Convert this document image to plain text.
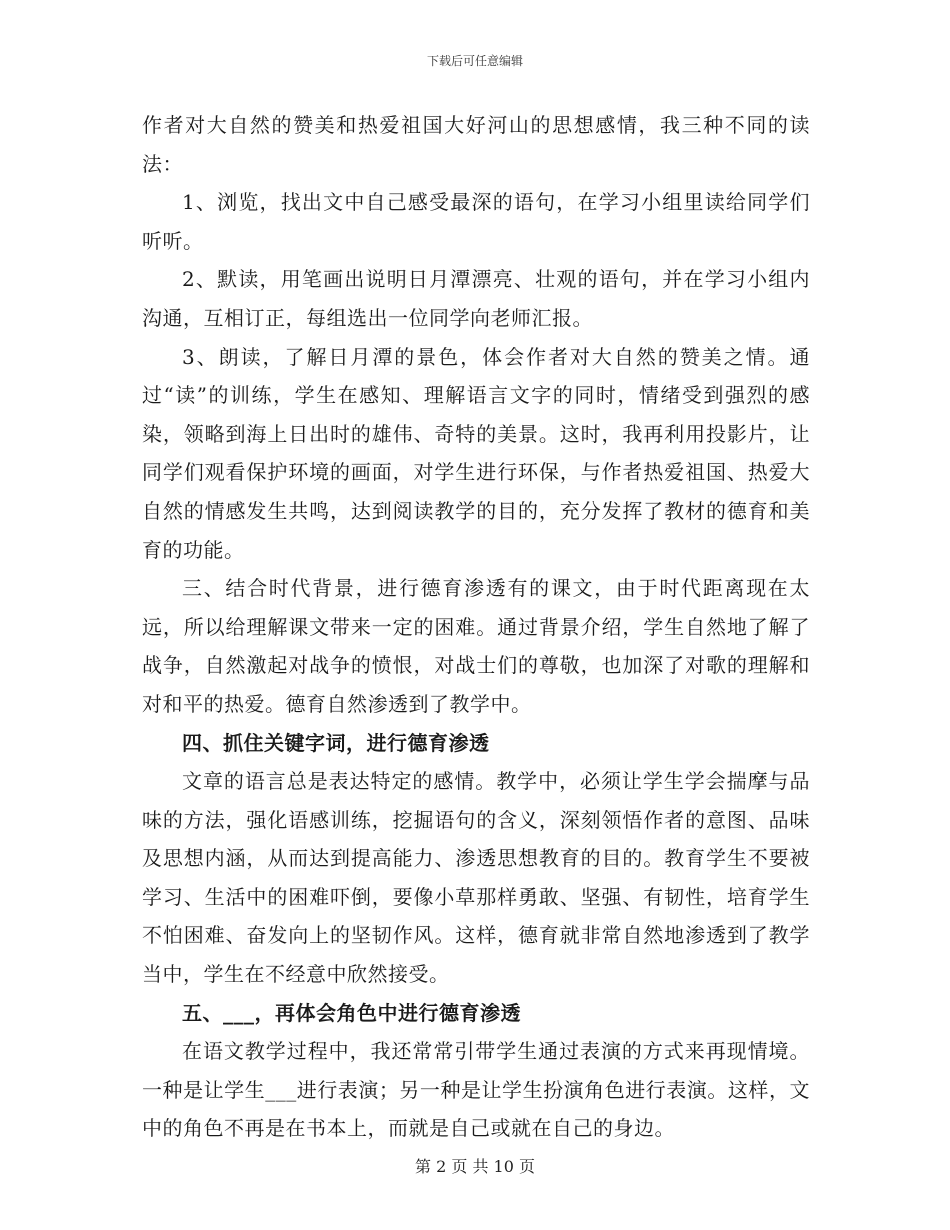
下载后可任意编辑

作者对大自然的赞美和热爱祖国大好河山的思想感情，我三种不同的读法：

1、浏览，找出文中自己感受最深的语句，在学习小组里读给同学们听听。

2、默读，用笔画出说明日月潭漂亮、壮观的语句，并在学习小组内沟通，互相订正，每组选出一位同学向老师汇报。

3、朗读，了解日月潭的景色，体会作者对大自然的赞美之情。通过“读”的训练，学生在感知、理解语言文字的同时，情绪受到强烈的感染，领略到海上日出时的雄伟、奇特的美景。这时，我再利用投影片，让同学们观看保护环境的画面，对学生进行环保，与作者热爱祖国、热爱大自然的情感发生共鸣，达到阅读教学的目的，充分发挥了教材的德育和美育的功能。

三、结合时代背景，进行德育渗透有的课文，由于时代距离现在太远，所以给理解课文带来一定的困难。通过背景介绍，学生自然地了解了战争，自然激起对战争的愤恨，对战士们的尊敬，也加深了对歌的理解和对和平的热爱。德育自然渗透到了教学中。

四、抓住关键字词，进行德育渗透

文章的语言总是表达特定的感情。教学中，必须让学生学会揣摩与品味的方法，强化语感训练，挖掘语句的含义，深刻领悟作者的意图、品味及思想内涵，从而达到提高能力、渗透思想教育的目的。教育学生不要被学习、生活中的困难吓倒，要像小草那样勇敢、坚强、有韧性，培育学生不怕困难、奋发向上的坚韧作风。这样，德育就非常自然地渗透到了教学当中，学生在不经意中欣然接受。

五、___，再体会角色中进行德育渗透

在语文教学过程中，我还常常引带学生通过表演的方式来再现情境。一种是让学生___进行表演；另一种是让学生扮演角色进行表演。这样，文中的角色不再是在书本上，而就是自己或就在自己的身边。

第 2 页 共 10 页
